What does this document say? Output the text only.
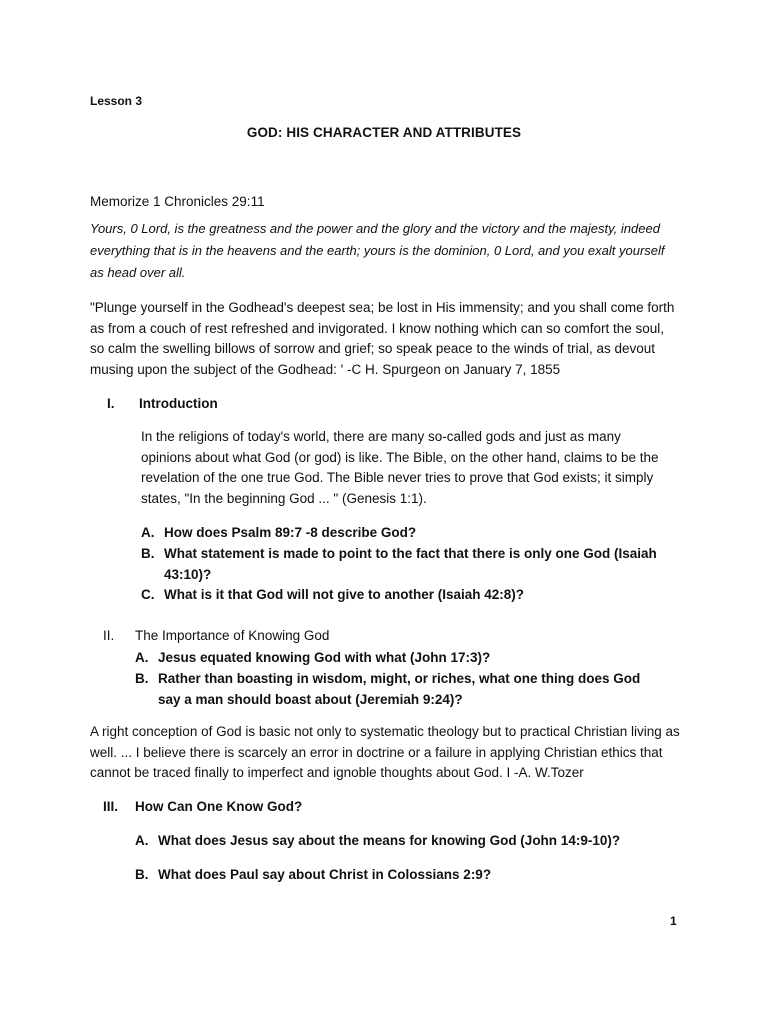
Lesson 3
GOD: HIS CHARACTER AND ATTRIBUTES
Memorize 1 Chronicles 29:11
Yours, 0 Lord, is the greatness and the power and the glory and the victory and the majesty, indeed everything that is in the heavens and the earth; yours is the dominion, 0 Lord, and you exalt yourself as head over all.
"Plunge yourself in the Godhead's deepest sea; be lost in His immensity; and you shall come forth as from a couch of rest refreshed and invigorated. I know nothing which can so comfort the soul, so calm the swelling billows of sorrow and grief; so speak peace to the winds of trial, as devout musing upon the subject of the Godhead: ' -C H. Spurgeon on January 7, 1855
I. Introduction
In the religions of today's world, there are many so-called gods and just as many opinions about what God (or god) is like. The Bible, on the other hand, claims to be the revelation of the one true God. The Bible never tries to prove that God exists; it simply states, "In the beginning God ... " (Genesis 1:1).
A. How does Psalm 89:7 -8 describe God?
B. What statement is made to point to the fact that there is only one God (Isaiah 43:10)?
C. What is it that God will not give to another (Isaiah 42:8)?
II. The Importance of Knowing God
A. Jesus equated knowing God with what (John 17:3)?
B. Rather than boasting in wisdom, might, or riches, what one thing does God say a man should boast about (Jeremiah 9:24)?
A right conception of God is basic not only to systematic theology but to practical Christian living as well. ... I believe there is scarcely an error in doctrine or a failure in applying Christian ethics that cannot be traced finally to imperfect and ignoble thoughts about God. I -A. W.Tozer
III. How Can One Know God?
A. What does Jesus say about the means for knowing God (John 14:9-10)?
B. What does Paul say about Christ in Colossians 2:9?
1
